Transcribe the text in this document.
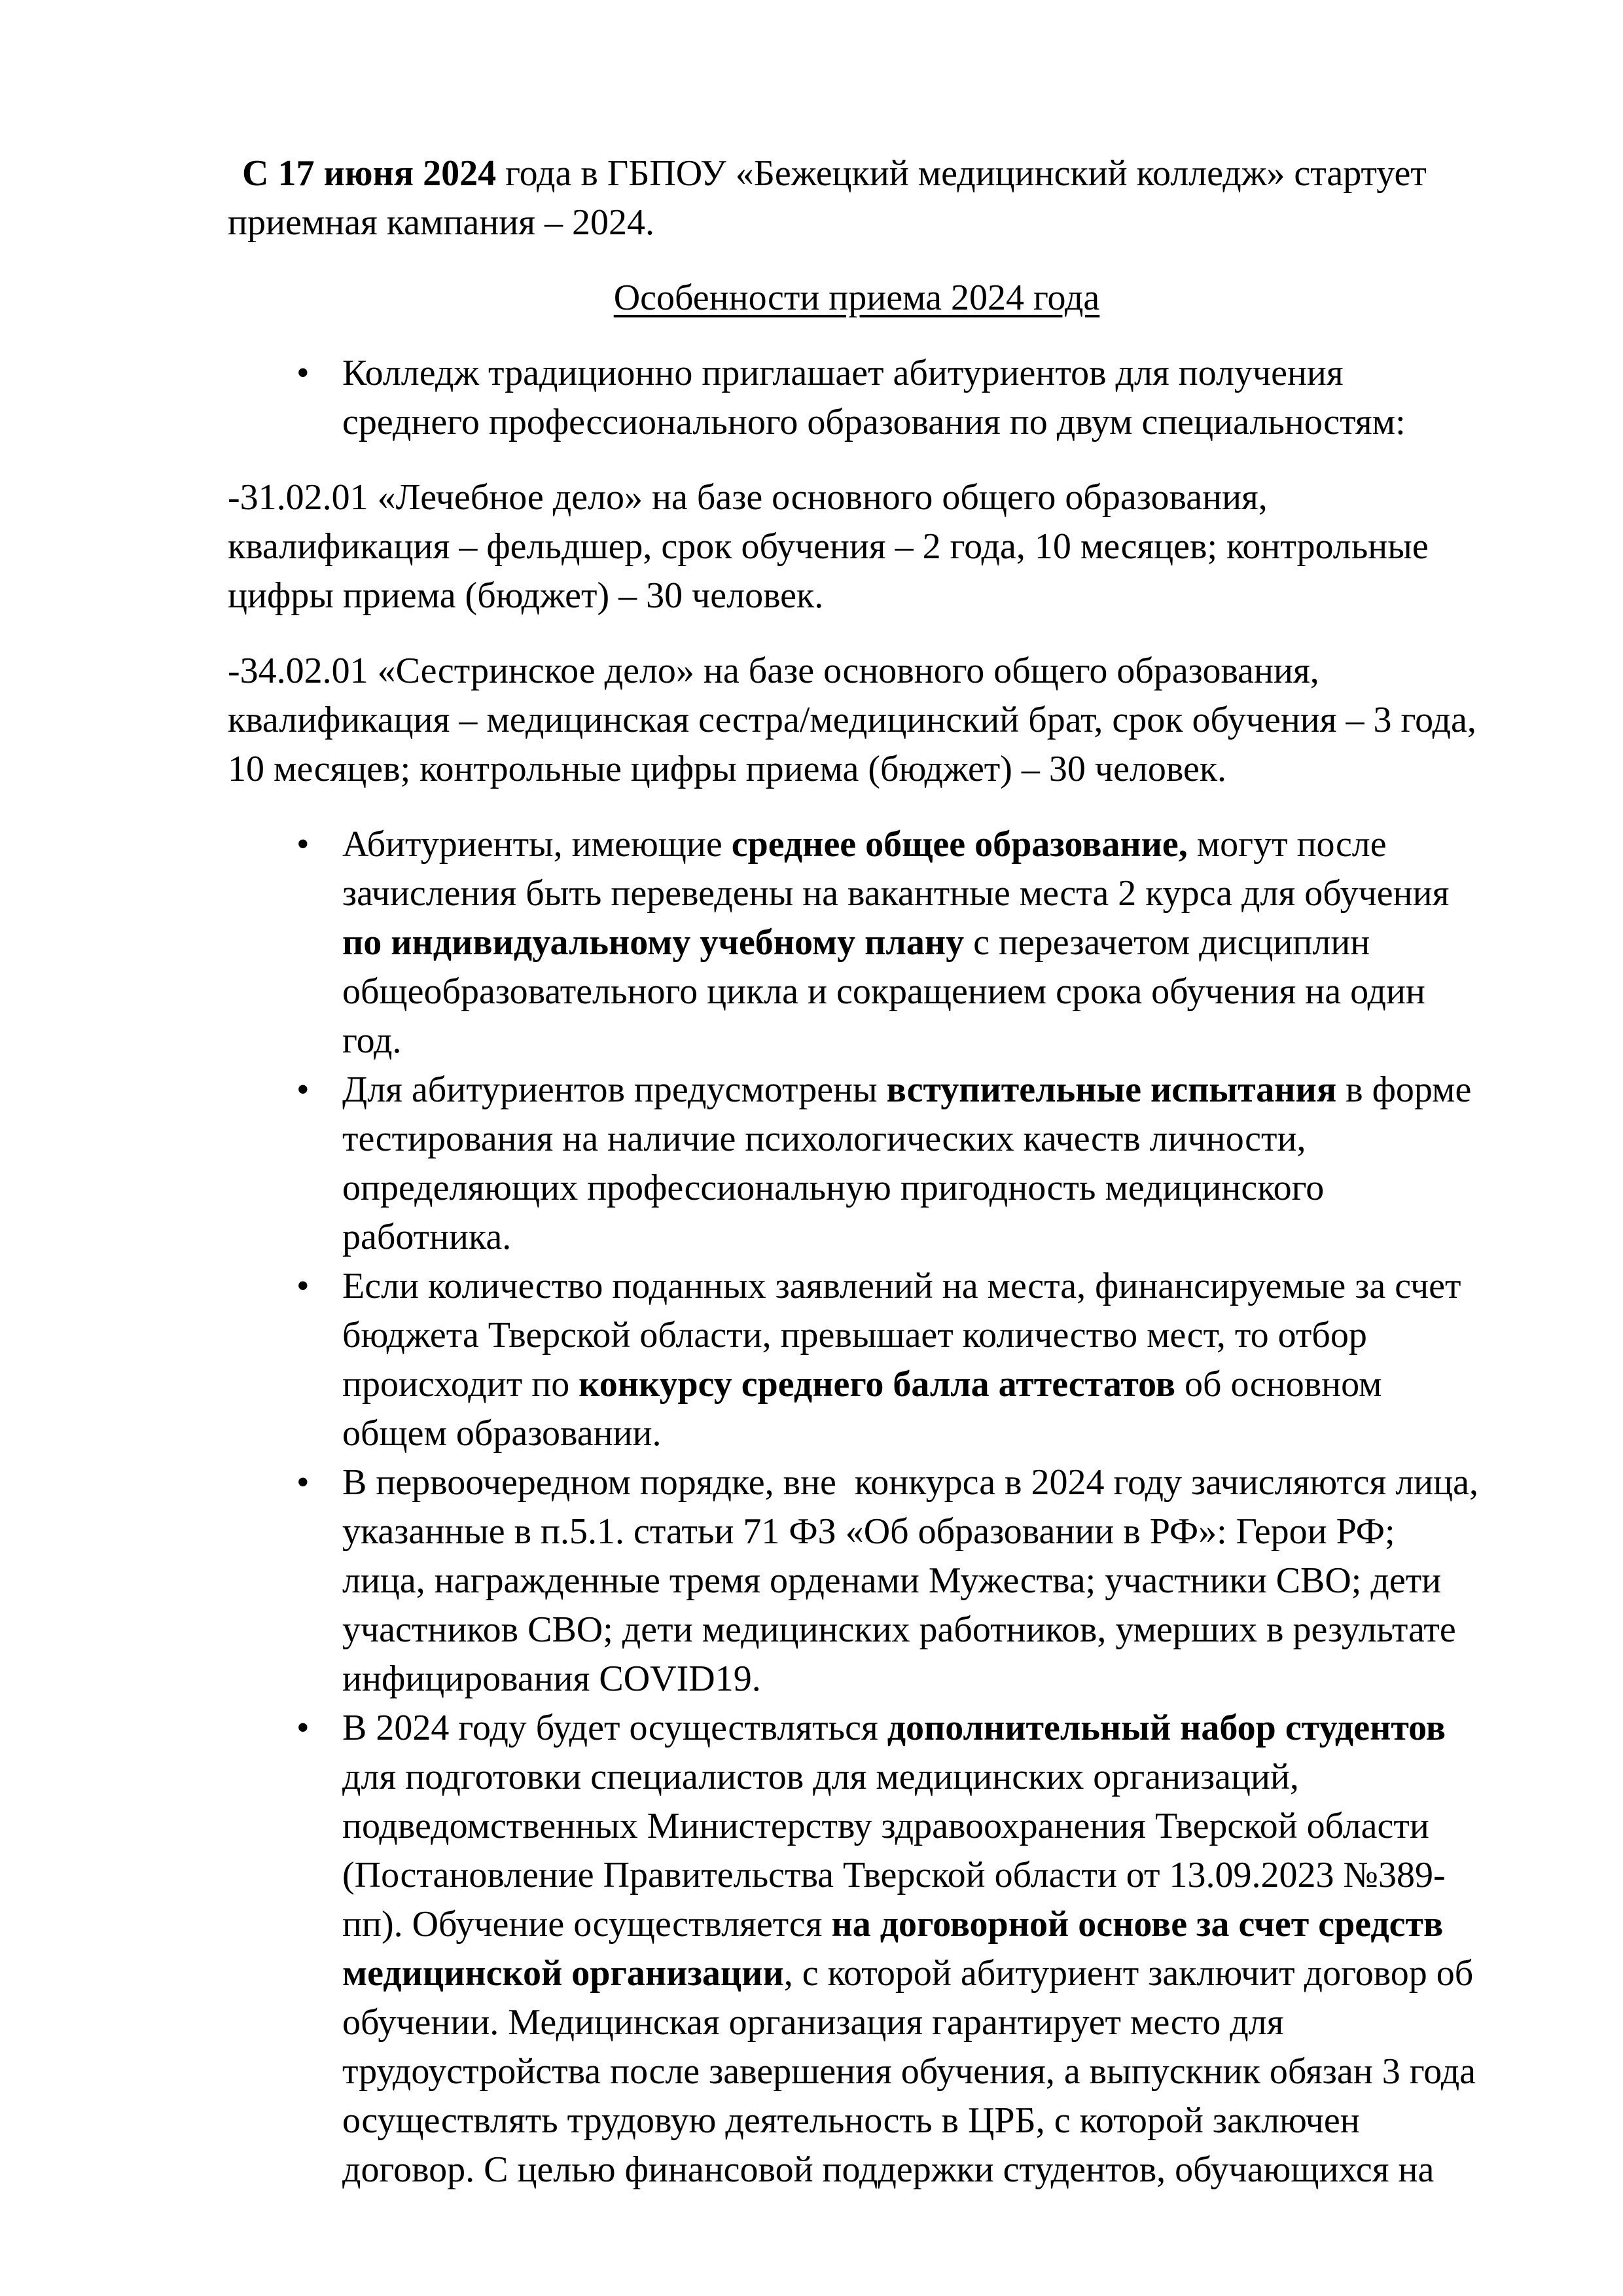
С 17 июня 2024 года в ГБПОУ «Бежецкий медицинский колледж» стартует приемная кампания – 2024.

Особенности приема 2024 года

• Колледж традиционно приглашает абитуриентов для получения среднего профессионального образования по двум специальностям:

-31.02.01 «Лечебное дело» на базе основного общего образования, квалификация – фельдшер, срок обучения – 2 года, 10 месяцев; контрольные цифры приема (бюджет) – 30 человек.

-34.02.01 «Сестринское дело» на базе основного общего образования, квалификация – медицинская сестра/медицинский брат, срок обучения – 3 года, 10 месяцев; контрольные цифры приема (бюджет) – 30 человек.

• Абитуриенты, имеющие среднее общее образование, могут после зачисления быть переведены на вакантные места 2 курса для обучения по индивидуальному учебному плану с перезачетом дисциплин общеобразовательного цикла и сокращением срока обучения на один год.
• Для абитуриентов предусмотрены вступительные испытания в форме тестирования на наличие психологических качеств личности, определяющих профессиональную пригодность медицинского работника.
• Если количество поданных заявлений на места, финансируемые за счет бюджета Тверской области, превышает количество мест, то отбор происходит по конкурсу среднего балла аттестатов об основном общем образовании.
• В первоочередном порядке, вне  конкурса в 2024 году зачисляются лица, указанные в п.5.1. статьи 71 ФЗ «Об образовании в РФ»: Герои РФ; лица, награжденные тремя орденами Мужества; участники СВО; дети участников СВО; дети медицинских работников, умерших в результате инфицирования COVID19.
• В 2024 году будет осуществляться дополнительный набор студентов для подготовки специалистов для медицинских организаций, подведомственных Министерству здравоохранения Тверской области (Постановление Правительства Тверской области от 13.09.2023 №389-пп). Обучение осуществляется на договорной основе за счет средств медицинской организации, с которой абитуриент заключит договор об обучении. Медицинская организация гарантирует место для трудоустройства после завершения обучения, а выпускник обязан 3 года осуществлять трудовую деятельность в ЦРБ, с которой заключен договор. С целью финансовой поддержки студентов, обучающихся на
